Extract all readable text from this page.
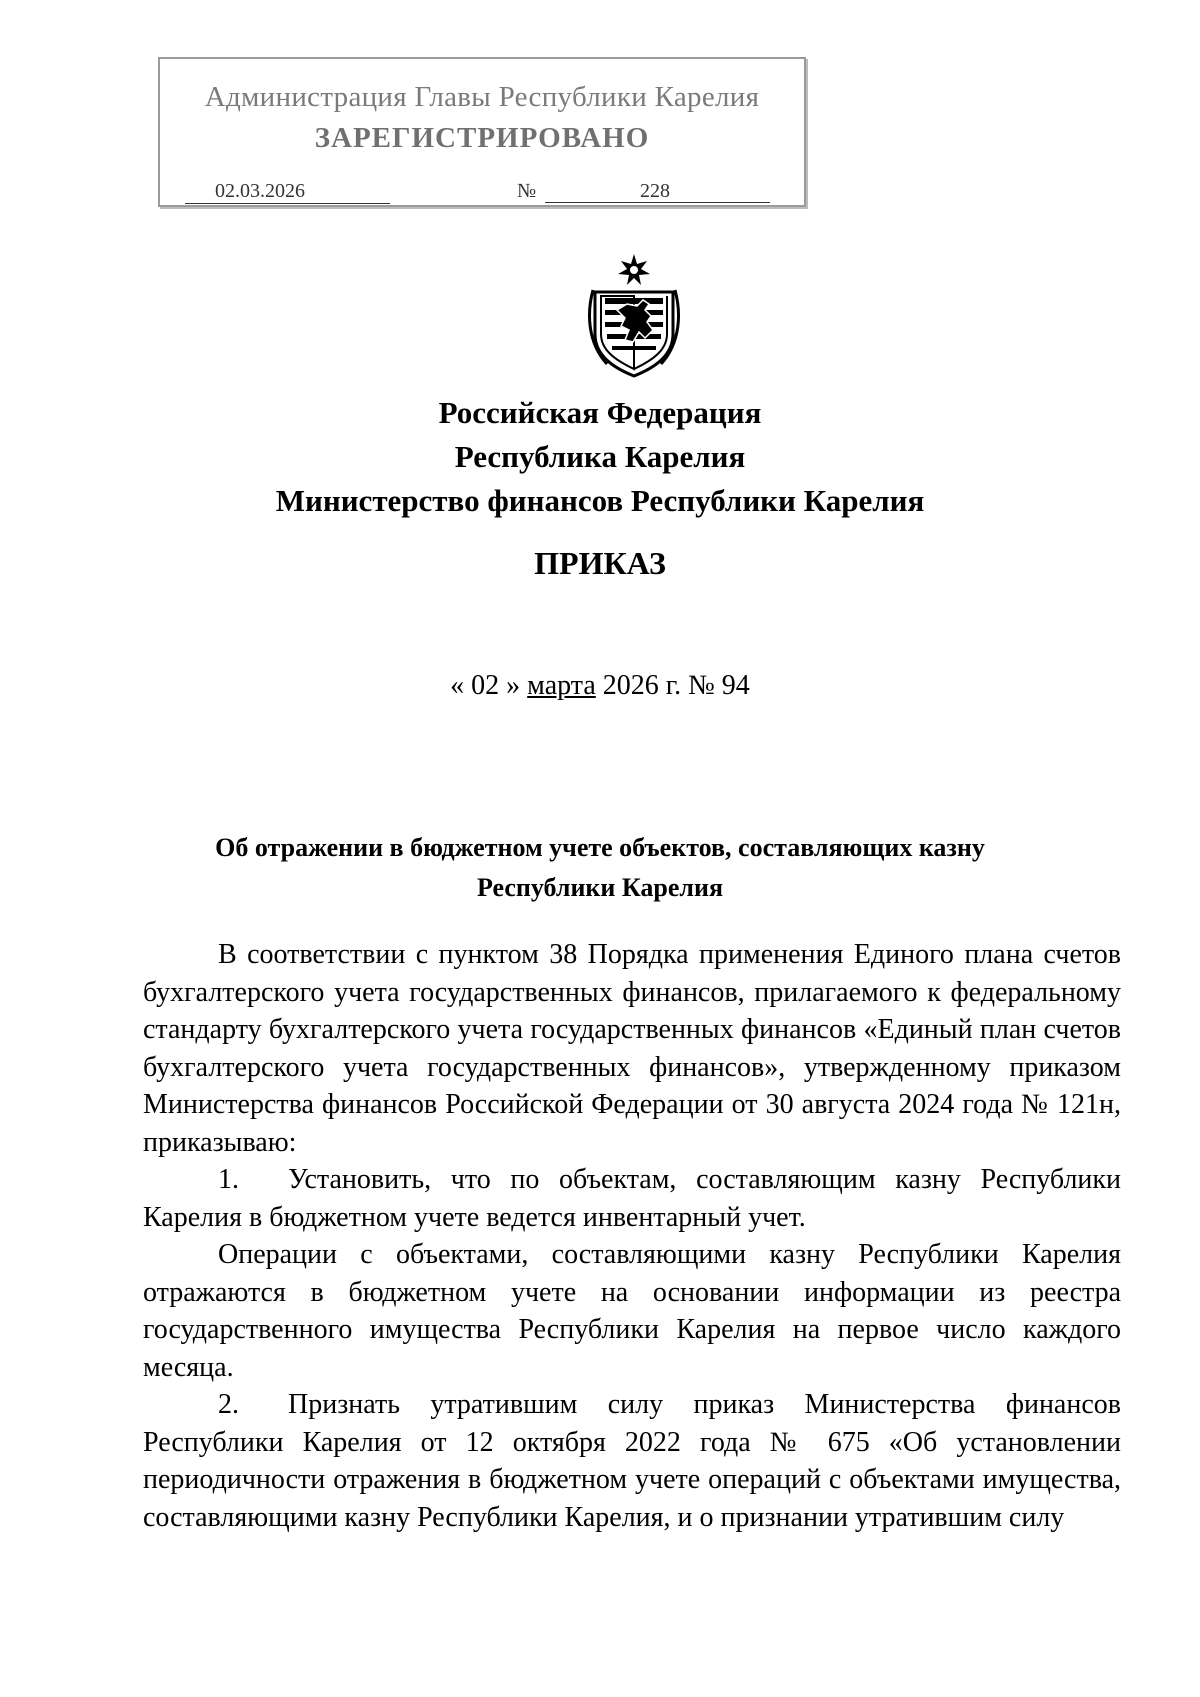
Администрация Главы Республики Карелия
ЗАРЕГИСТРИРОВАНО
02.03.2026	№	228
Российская Федерация
Республика Карелия
Министерство финансов Республики Карелия
ПРИКАЗ
« 02 » марта 2026 г. № 94
Об отражении в бюджетном учете объектов, составляющих казну
Республики Карелия

В соответствии с пунктом 38 Порядка применения Единого плана счетов бухгалтерского учета государственных финансов, прилагаемого к федеральному стандарту бухгалтерского учета государственных финансов «Единый план счетов бухгалтерского учета государственных финансов», утвержденному приказом Министерства финансов Российской Федерации от 30 августа 2024 года № 121н, приказываю:

1. Установить, что по объектам, составляющим казну Республики Карелия в бюджетном учете ведется инвентарный учет.

Операции с объектами, составляющими казну Республики Карелия отражаются в бюджетном учете на основании информации из реестра государственного имущества Республики Карелия на первое число каждого месяца.

2. Признать утратившим силу приказ Министерства финансов Республики Карелия от 12 октября 2022 года № 675 «Об установлении периодичности отражения в бюджетном учете операций с объектами имущества, составляющими казну Республики Карелия, и о признании утратившим силу
